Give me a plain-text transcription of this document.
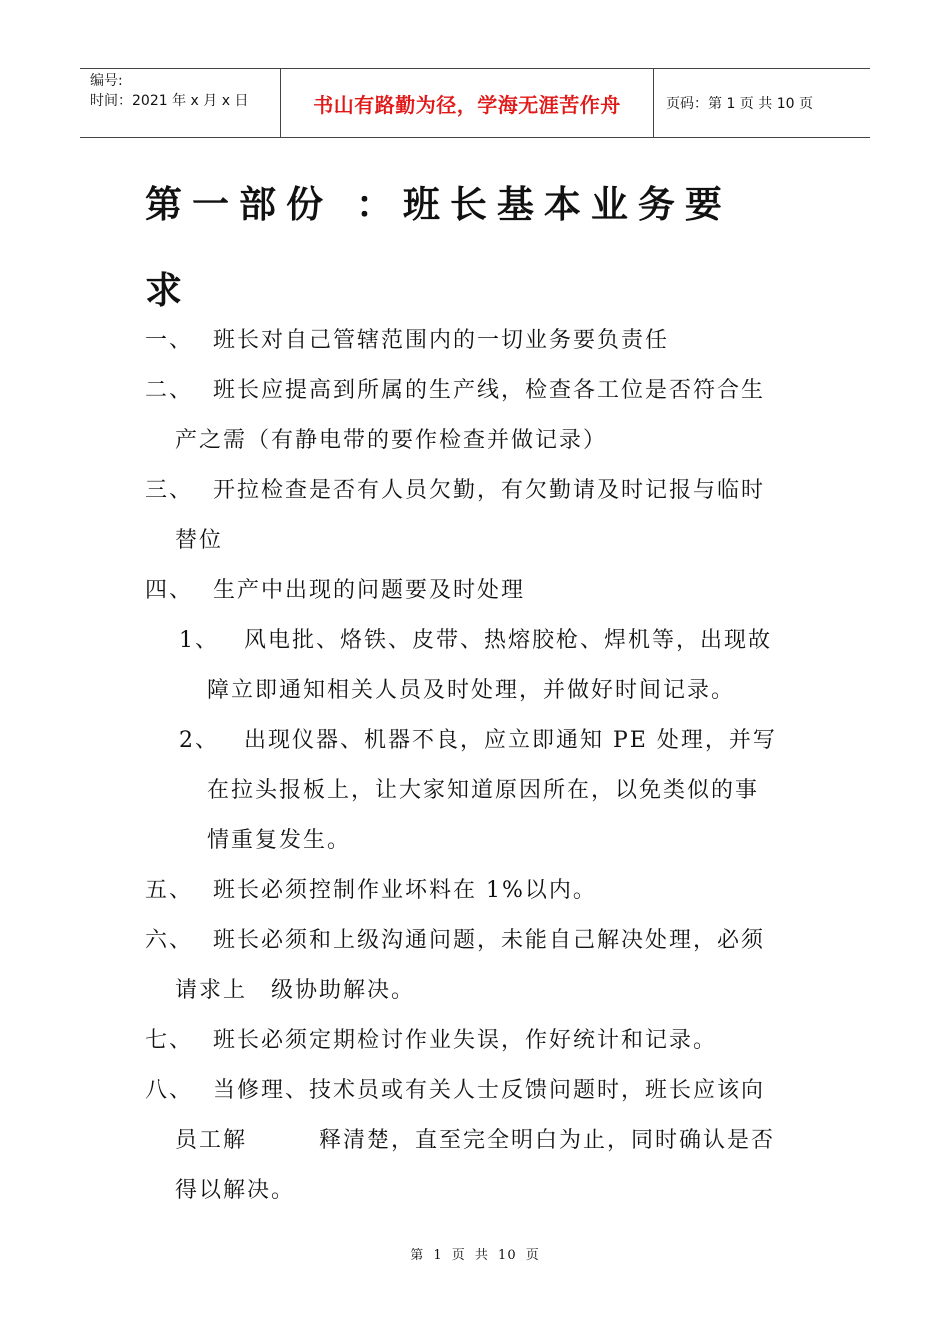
编号:
时间：2021 年 x 月 x 日	书山有路勤为径，学海无涯苦作舟	页码：第 1 页 共 10 页
第一部份 ：班长基本业务要
求
一、 班长对自己管辖范围内的一切业务要负责任
二、 班长应提高到所属的生产线，检查各工位是否符合生
产之需（有静电带的要作检查并做记录）
三、 开拉检查是否有人员欠勤，有欠勤请及时记报与临时
替位
四、 生产中出现的问题要及时处理
1、	风电批、烙铁、皮带、热熔胶枪、焊机等，出现故
障立即通知相关人员及时处理，并做好时间记录。
2、	出现仪器、机器不良，应立即通知 PE 处理，并写
在拉头报板上，让大家知道原因所在，以免类似的事
情重复发生。
五、 班长必须控制作业坏料在 1%以内。
六、 班长必须和上级沟通问题，未能自己解决处理，必须
请求上　级协助解决。
七、 班长必须定期检讨作业失误，作好统计和记录。
八、 当修理、技术员或有关人士反馈问题时，班长应该向
员工解　　　释清楚，直至完全明白为止，同时确认是否
得以解决。
第 1 页 共 10 页
